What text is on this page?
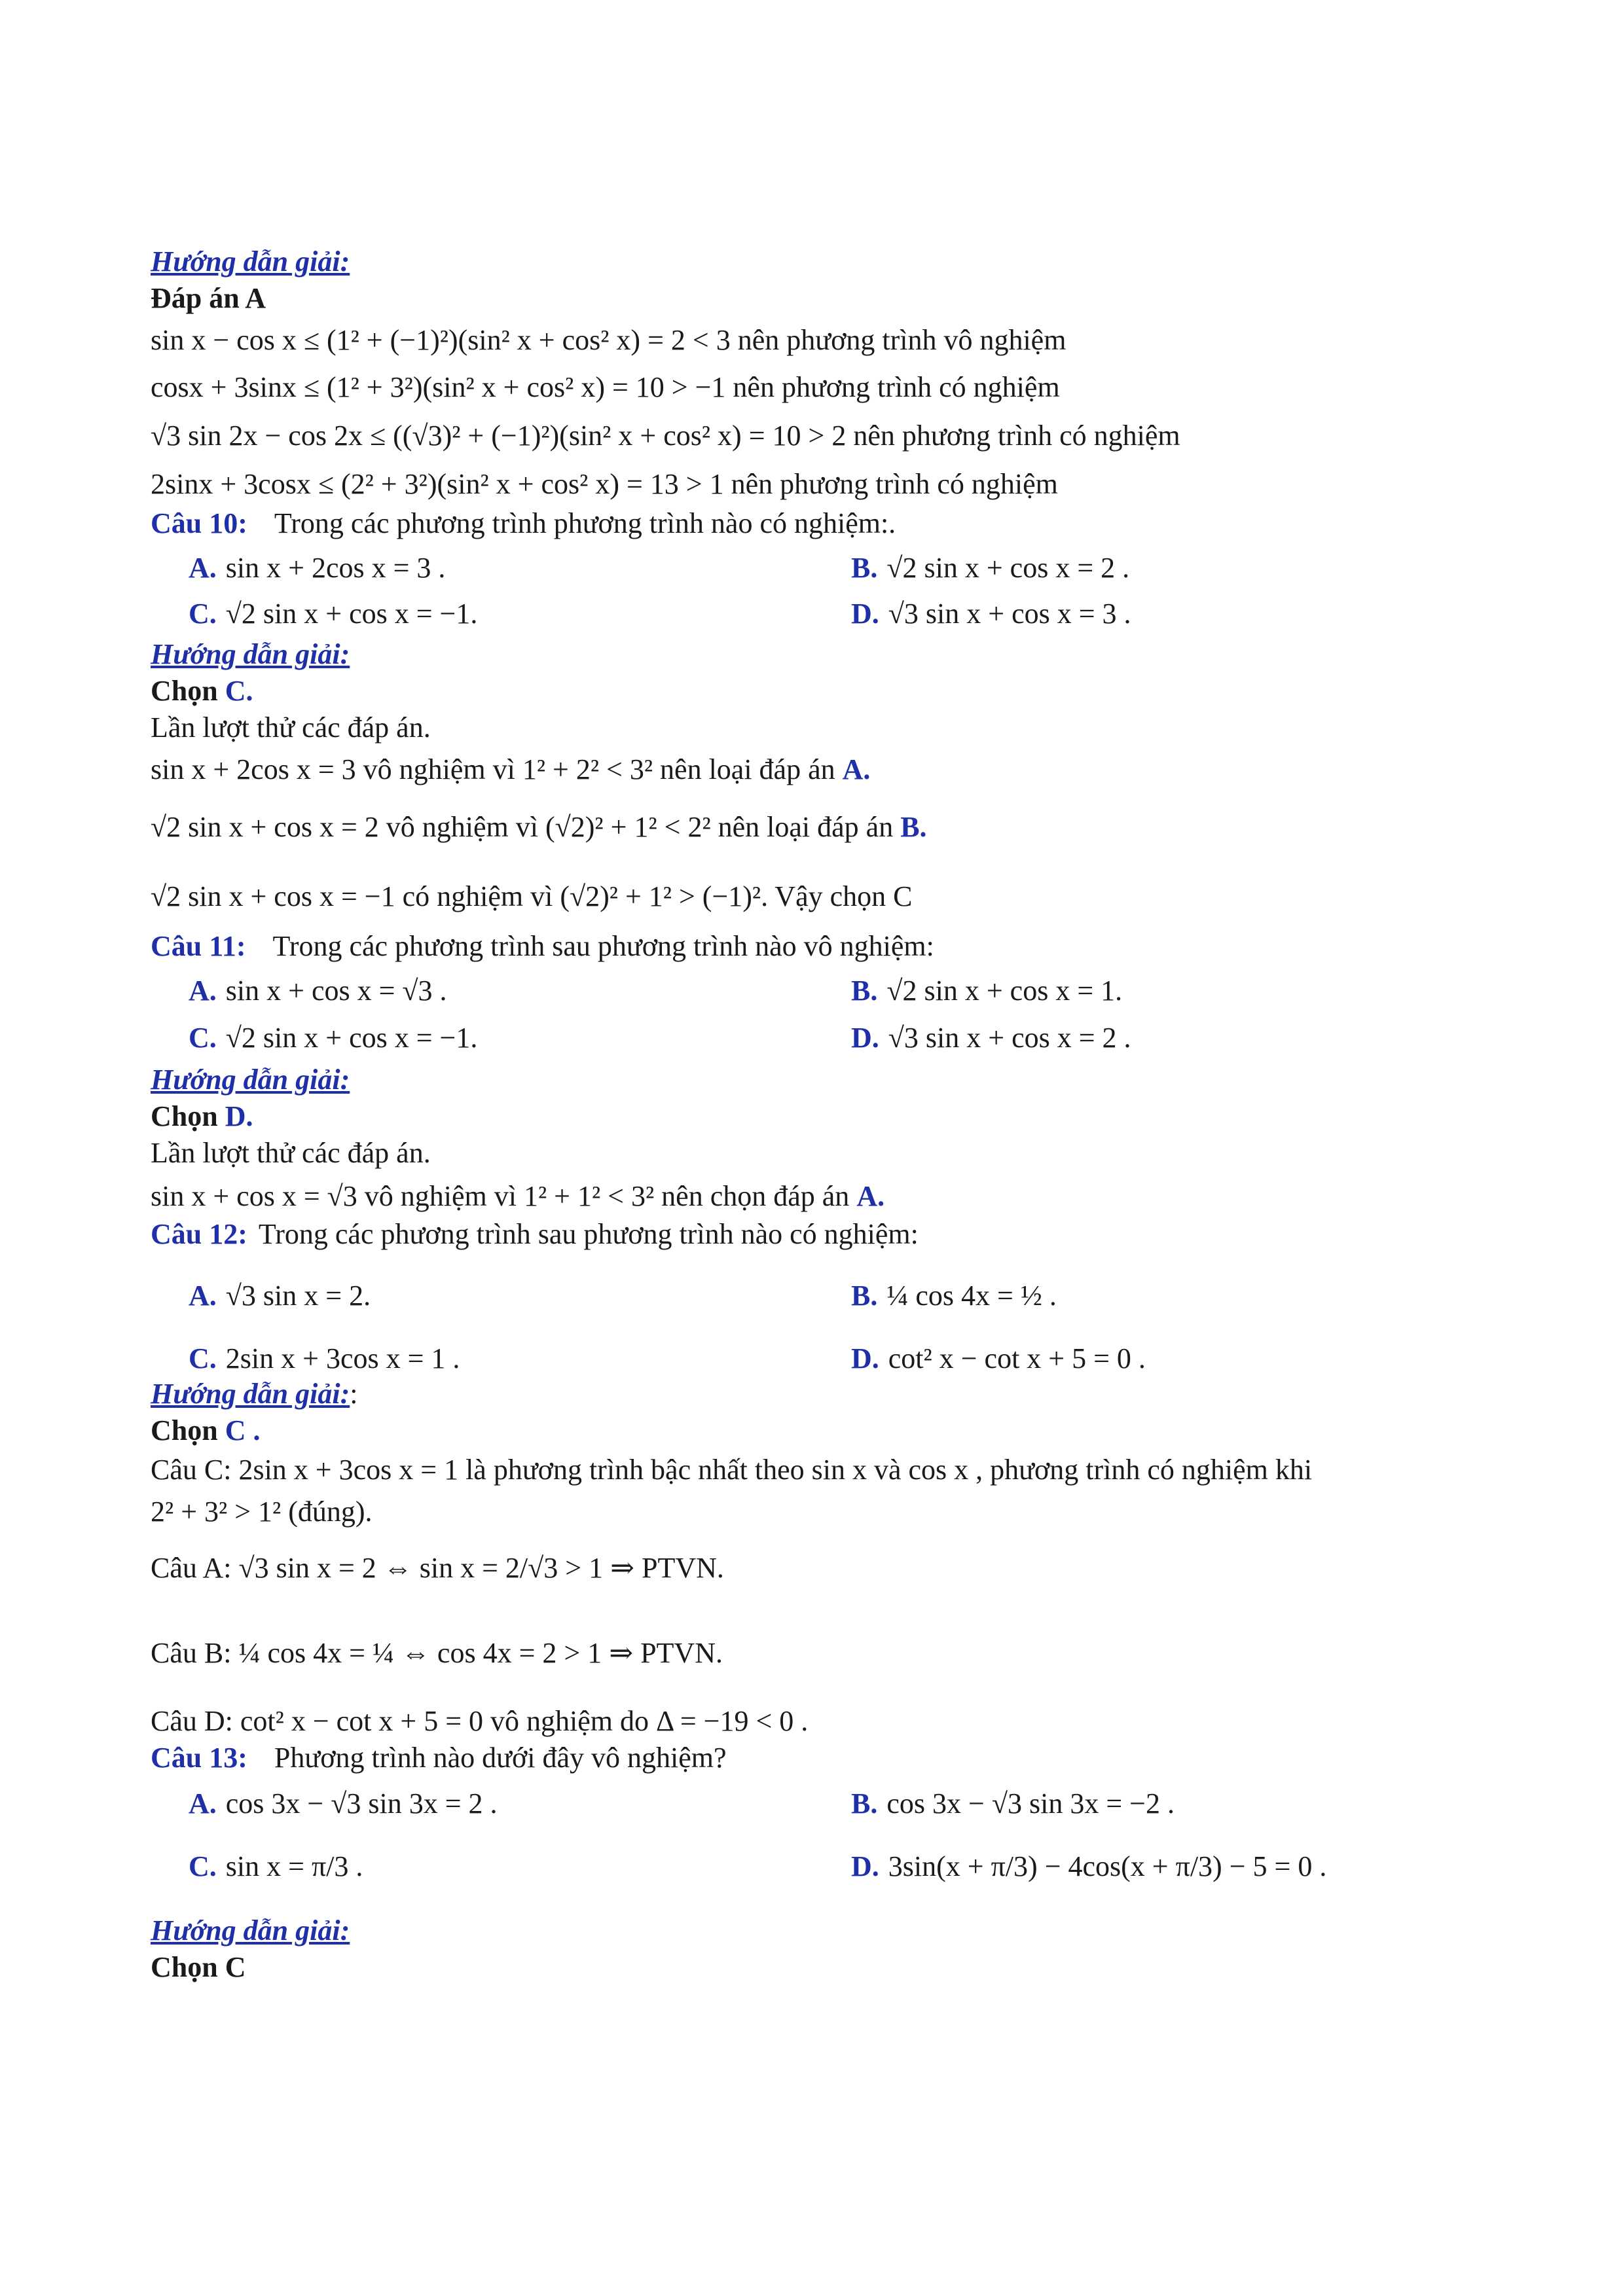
Hướng dẫn giải:
Đáp án A
sin x − cos x ≤ (1² + (−1)²)(sin² x + cos² x) = 2 < 3 nên phương trình vô nghiệm
cosx + 3sinx ≤ (1² + 3²)(sin² x + cos² x) = 10 > −1 nên phương trình có nghiệm
√3 sin 2x − cos 2x ≤ ((√3)² + (−1)²)(sin² x + cos² x) = 10 > 2 nên phương trình có nghiệm
2sinx + 3cosx ≤ (2² + 3²)(sin² x + cos² x) = 13 > 1 nên phương trình có nghiệm
Câu 10: Trong các phương trình phương trình nào có nghiệm:.
A. sin x + 2cos x = 3 .	B. √2 sin x + cos x = 2 .
C. √2 sin x + cos x = −1.	D. √3 sin x + cos x = 3 .
Hướng dẫn giải:
Chọn C.
Lần lượt thử các đáp án.
sin x + 2cos x = 3 vô nghiệm vì 1² + 2² < 3² nên loại đáp án A.
√2 sin x + cos x = 2 vô nghiệm vì (√2)² + 1² < 2² nên loại đáp án B.
√2 sin x + cos x = −1 có nghiệm vì (√2)² + 1² > (−1)². Vậy chọn C
Câu 11: Trong các phương trình sau phương trình nào vô nghiệm:
A. sin x + cos x = √3 .	B. √2 sin x + cos x = 1.
C. √2 sin x + cos x = −1.	D. √3 sin x + cos x = 2 .
Hướng dẫn giải:
Chọn D.
Lần lượt thử các đáp án.
sin x + cos x = √3 vô nghiệm vì 1² + 1² < 3² nên chọn đáp án A.
Câu 12: Trong các phương trình sau phương trình nào có nghiệm:
A. √3 sin x = 2.	B. ¼ cos 4x = ½ .
C. 2sin x + 3cos x = 1 .	D. cot² x − cot x + 5 = 0 .
Hướng dẫn giải::
Chọn C .
Câu C: 2sin x + 3cos x = 1 là phương trình bậc nhất theo sin x và cos x , phương trình có nghiệm khi
2² + 3² > 1² (đúng).
Câu A: √3 sin x = 2 ⇔ sin x = 2/√3 > 1 ⇒ PTVN.
Câu B: ¼ cos 4x = ¼ ⇔ cos 4x = 2 > 1 ⇒ PTVN.
Câu D: cot² x − cot x + 5 = 0 vô nghiệm do Δ = −19 < 0 .
Câu 13: Phương trình nào dưới đây vô nghiệm?
A. cos 3x − √3 sin 3x = 2 .	B. cos 3x − √3 sin 3x = −2 .
C. sin x = π/3 .	D. 3sin(x + π/3) − 4cos(x + π/3) − 5 = 0 .
Hướng dẫn giải:
Chọn C
